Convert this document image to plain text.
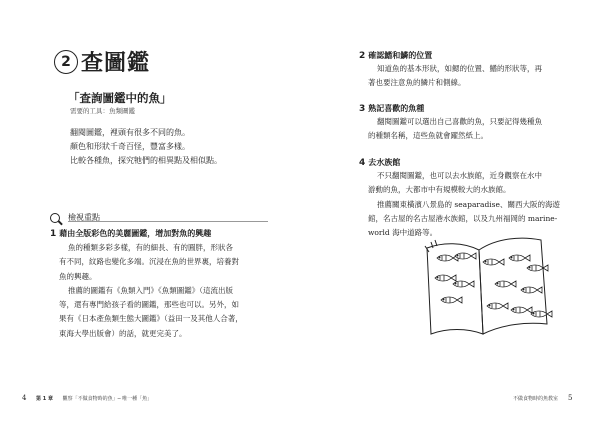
2 查圖鑑
「查詢圖鑑中的魚」
需要的工具：魚類圖鑑
翻閱圖鑑，裡頭有很多不同的魚。
顏色和形狀千奇百怪，豐富多樣。
比較各種魚，探究牠們的相異點及相似點。
檢視重點
1 藉由全版彩色的美麗圖鑑，增加對魚的興趣
魚的種類多彩多樣，有的細長、有的圓胖，形狀各
有不同，紋路也變化多端。沉浸在魚的世界裏，培養對
魚的興趣。
推薦的圖鑑有《魚類入門》《魚類圖鑑》（這流出版
等，還有專門給孩子看的圖鑑，那些也可以。另外，如
果有《日本產魚類生態大圖鑑》（益田一及其他人合著，
東海大學出版會）的話，就更完美了。
4 第 1 章 觀察「不做食物時的魚」─ 唯一種「魚」
2 確認鰭和鱗的位置
知道魚的基本形狀，如鰓的位置、鰭的形狀等，再
著也要注意魚的鱗片和側線。
3 熟記喜歡的魚種
翻閱圖鑑可以選出自己喜歡的魚，只要記得幾種魚
的種類名稱，這些魚就會躍然紙上。
4 去水族館
不只翻閱圖鑑，也可以去水族館，近身觀察在水中
游動的魚，大都市中有規模較大的水族館。
推薦關東橫濱八景島的 seaparadise、關西大阪的海遊
館，名古屋的名古屋港水族館，以及九州福岡的 marine-
world 海中道路等。
5
不做食物時的魚教室
